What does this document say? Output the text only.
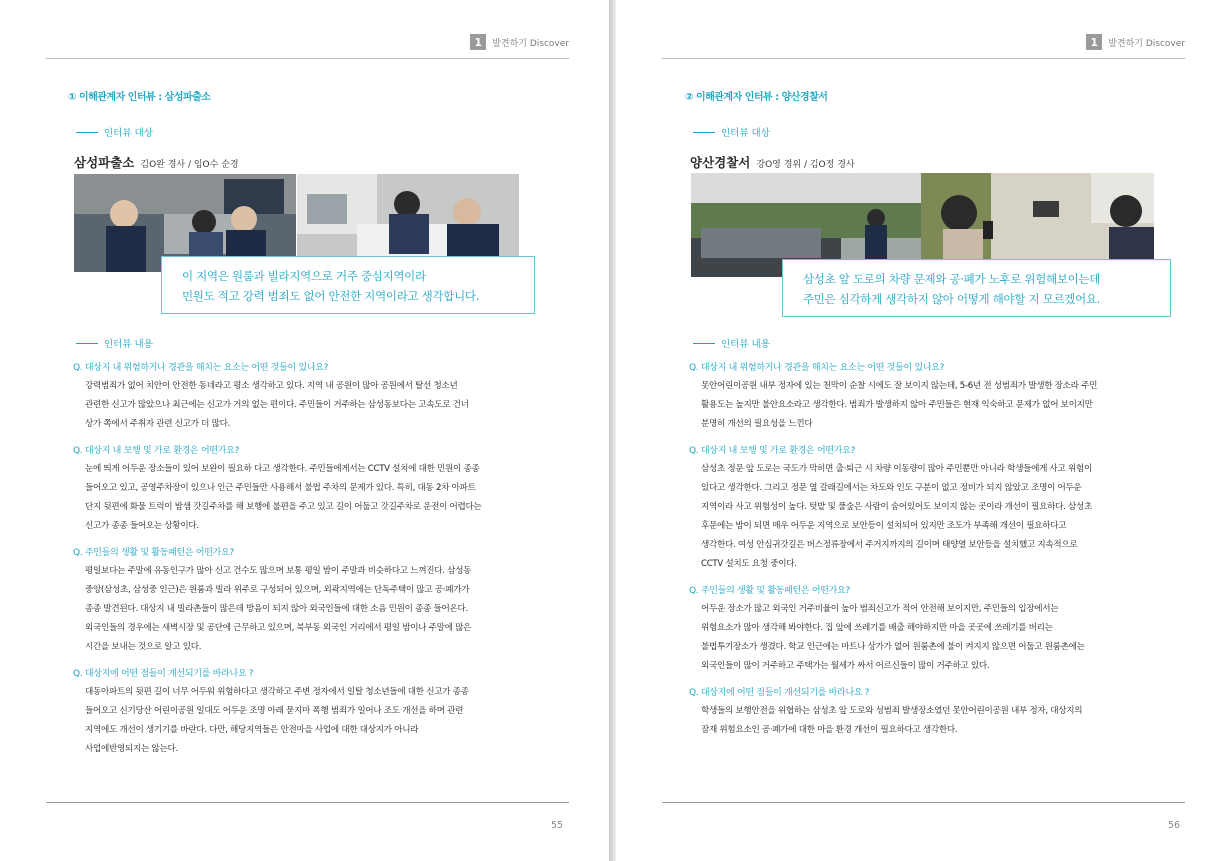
1	발견하기 Discover
① 이해관계자 인터뷰 : 삼성파출소
인터뷰 대상
삼성파출소 김O완 경사 / 임O수 순경
이 지역은 원룸과 빌라지역으로 거주 중심지역이라
민원도 적고 강력 범죄도 없어 안전한 지역이라고 생각합니다.
인터뷰 내용

Q. 대상지 내 위험하거나 경관을 해치는 요소는 어떤 것들이 있나요?

강력범죄가 없어 치안이 안전한 동네라고 평소 생각하고 있다. 지역 내 공원이 많아 공원에서 탈선 청소년
관련한 신고가 많았으나 최근에는 신고가 거의 없는 편이다. 주민들이 거주하는 삼성동보다는 고속도로 건너
상가 쪽에서 주취자 관련 신고가 더 많다.

Q. 대상지 내 보행 및 가로 환경은 어떤가요?

눈에 띄게 어두운 장소들이 있어 보완이 필요하 다고 생각한다. 주민들에게서는 CCTV 설치에 대한 민원이 종종
들어오고 있고, 공영주차장이 있으나 인근 주민들만 사용해서 불법 주차의 문제가 있다. 특히, 대동 2차 아파트
단지 뒷편에 화물 트럭이 밤샘 갓길주차를 해 보행에 불편을 주고 있고 길이 어둡고 갓길주차로 운전이 어렵다는
신고가 종종 들어오는 상황이다.

Q. 주민들의 생활 및 활동패턴은 어떤가요?

평일보다는 주말에 유동인구가 많아 신고 건수도 많으며 보통 평일 밤이 주말과 비슷하다고 느껴진다. 삼성동
중앙(삼성초, 삼성중 인근)은 원룸과 빌라 위주로 구성되어 있으며, 외곽지역에는 단독주택이 많고 공·폐가가
종종 발견된다. 대상지 내 빌라촌들이 많은데 방음이 되지 않아 외국인들에 대한 소음 민원이 종종 들어온다.
외국인들의 경우에는 새벽시장 및 공단에 근무하고 있으며, 북부동 외국인 거리에서 평일 밤이나 주말에 많은
시간을 보내는 것으로 알고 있다.

Q. 대상지에 어떤 점들이 개선되기를 바라나요 ?

대동아파트의 뒷편 길이 너무 어두워 위험하다고 생각하고 주변 정자에서 일탈 청소년들에 대한 신고가 종종
들어오고 신기당산 어린이공원 일대도 어두운 조명 아래 묻지마 폭행 범죄가 일어나 조도 개선을 하며 관련
지역에도 개선이 생기기를 바란다. 다만, 해당지역들은 안전마을 사업에 대한 대상지가 아니라
사업에반영되지는 않는다.

55
1	발견하기 Discover
② 이해관계자 인터뷰 : 양산경찰서
인터뷰 대상
양산경찰서 강O영 경위 / 김O정 경사
삼성초 앞 도로의 차량 문제와 공·폐가 노후로 위험해보이는데
주민은 심각하게 생각하지 않아 어떻게 해야할 지 모르겠어요.
인터뷰 내용

Q. 대상지 내 위험하거나 경관을 해치는 요소는 어떤 것들이 있나요?

못안어린이공원 내부 정자에 있는 천막이 순찰 시에도 잘 보이지 않는데, 5-6년 전 성범죄가 발생한 장소라 주민
활용도는 높지만 불안요소라고 생각한다. 범죄가 발생하지 않아 주민들은 현재 익숙하고 문제가 없어 보이지만
분명히 개선의 필요성을 느낀다

Q. 대상지 내 보행 및 가로 환경은 어떤가요?

삼성초 정문 앞 도로는 국도가 막히면 출·퇴근 시 차량 이동량이 많아 주민뿐만 아니라 학생들에게 사고 위험이
있다고 생각한다. 그리고 정문 옆 갈래길에서는 차도와 인도 구분이 없고 정비가 되지 않았고 조명이 어두운
지역이라 사고 위험성이 높다. 텃밭 및 풀숲은 사람이 숨어있어도 보이지 않는 곳이라 개선이 필요하다. 삼성초
후문에는 밤이 되면 매우 어두운 지역으로 보안등이 설치되어 있지만 조도가 부족해 개선이 필요하다고
생각한다. 여성 안심귀갓길은 버스정류장에서 주거지까지의 길이며 태양열 보안등을 설치했고 지속적으로
CCTV 설치도 요청 중이다.

Q. 주민들의 생활 및 활동패턴은 어떤가요?

어두운 장소가 많고 외국인 거주비율이 높아 범죄신고가 적어 안전해 보이지만, 주민들의 입장에서는
위험요소가 많아 생각해 봐야한다. 집 앞에 쓰레기를 배출 해야하지만 마을 곳곳에 쓰레기를 버리는
불법투기장소가 생겼다. 학교 인근에는 마트나 상가가 없어 원룸촌에 불이 켜지지 않으면 어둡고 원룸촌에는
외국인들이 많이 거주하고 주택가는 월세가 싸서 어르신들이 많이 거주하고 있다.

Q. 대상지에 어떤 점들이 개선되기를 바라나요 ?

학생들의 보행안전을 위협하는 삼성초 앞 도로와 성범죄 발생장소였던 못안어린이공원 내부 정자, 대상지의
잠재 위험요소인 공·폐가에 대한 마을 환경 개선이 필요하다고 생각한다.

56
